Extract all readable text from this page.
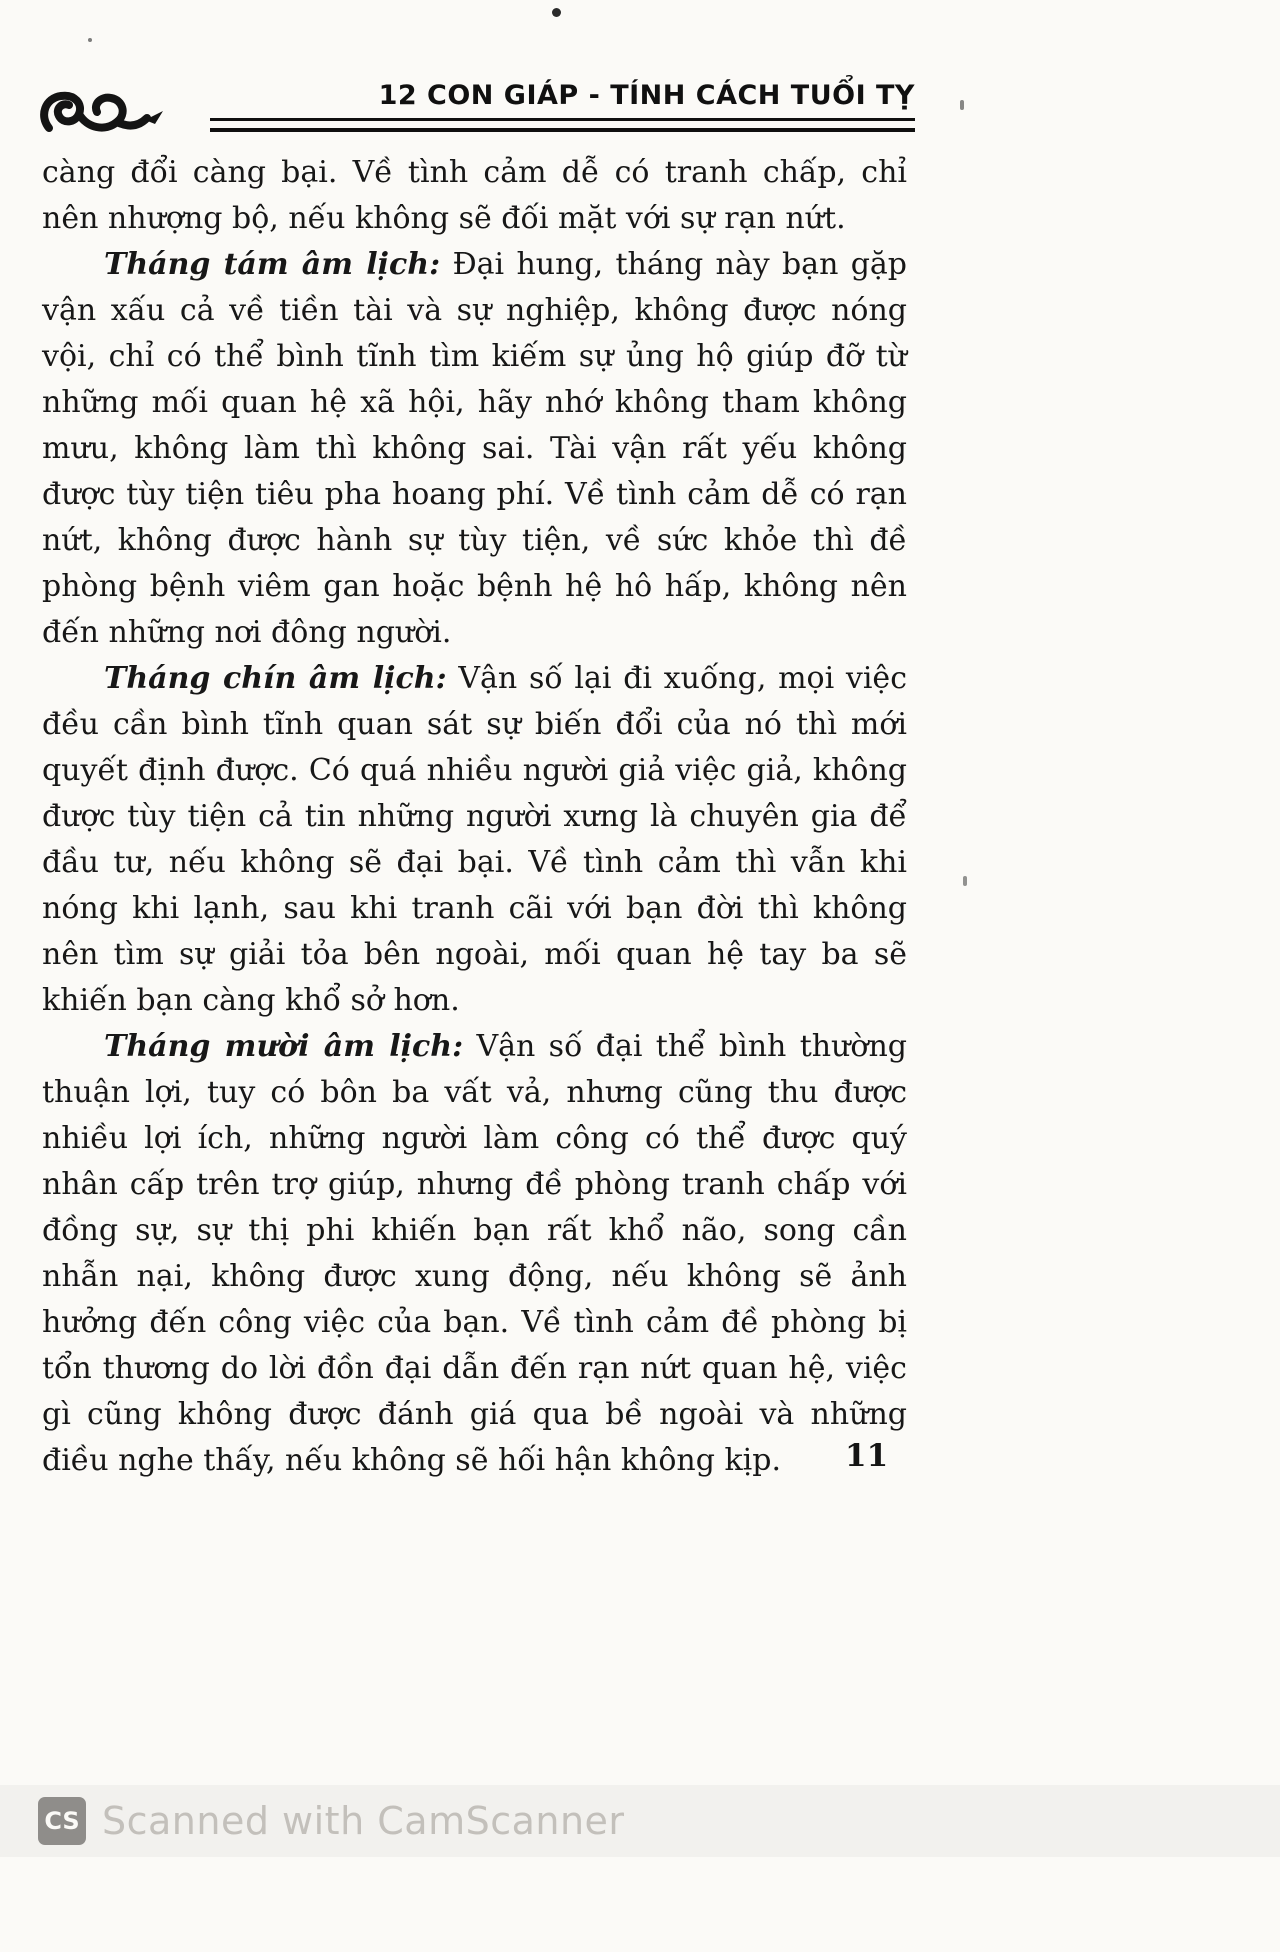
12 CON GIÁP - TÍNH CÁCH TUỔI TỴ

càng đổi càng bại. Về tình cảm dễ có tranh chấp, chỉ nên nhượng bộ, nếu không sẽ đối mặt với sự rạn nứt.

Tháng tám âm lịch: Đại hung, tháng này bạn gặp vận xấu cả về tiền tài và sự nghiệp, không được nóng vội, chỉ có thể bình tĩnh tìm kiếm sự ủng hộ giúp đỡ từ những mối quan hệ xã hội, hãy nhớ không tham không mưu, không làm thì không sai. Tài vận rất yếu không được tùy tiện tiêu pha hoang phí. Về tình cảm dễ có rạn nứt, không được hành sự tùy tiện, về sức khỏe thì đề phòng bệnh viêm gan hoặc bệnh hệ hô hấp, không nên đến những nơi đông người.

Tháng chín âm lịch: Vận số lại đi xuống, mọi việc đều cần bình tĩnh quan sát sự biến đổi của nó thì mới quyết định được. Có quá nhiều người giả việc giả, không được tùy tiện cả tin những người xưng là chuyên gia để đầu tư, nếu không sẽ đại bại. Về tình cảm thì vẫn khi nóng khi lạnh, sau khi tranh cãi với bạn đời thì không nên tìm sự giải tỏa bên ngoài, mối quan hệ tay ba sẽ khiến bạn càng khổ sở hơn.

Tháng mười âm lịch: Vận số đại thể bình thường thuận lợi, tuy có bôn ba vất vả, nhưng cũng thu được nhiều lợi ích, những người làm công có thể được quý nhân cấp trên trợ giúp, nhưng đề phòng tranh chấp với đồng sự, sự thị phi khiến bạn rất khổ não, song cần nhẫn nại, không được xung động, nếu không sẽ ảnh hưởng đến công việc của bạn. Về tình cảm đề phòng bị tổn thương do lời đồn đại dẫn đến rạn nứt quan hệ, việc gì cũng không được đánh giá qua bề ngoài và những điều nghe thấy, nếu không sẽ hối hận không kịp.	11
CS Scanned with CamScanner
